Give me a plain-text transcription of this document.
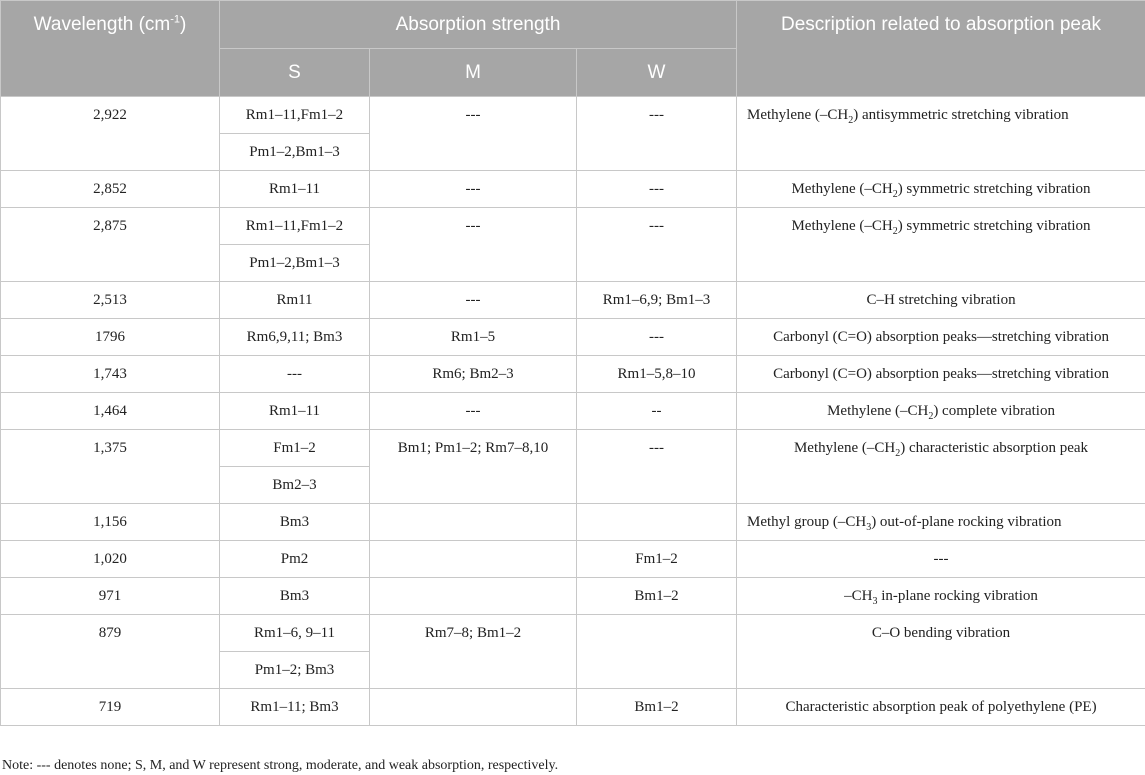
Wavelength $(cm^{-1})$	Absorption strength			Description related to absorption peak
	S	M	W	
2,922	Rm1–11,Fm1–2	---	---	Methylene $(-CH_2)$ antisymmetric stretching vibration
	Pm1–2,Bm1–3			
2,852	Rm1–11	---	---	Methylene $(-CH_2)$ symmetric stretching vibration
2,875	Rm1–11,Fm1–2	---	---	Methylene $(-CH_2)$ symmetric stretching vibration
	Pm1–2,Bm1–3			
2,513	Rm11	---	Rm1–6,9; Bm1–3	C–H stretching vibration
1796	Rm6,9,11; Bm3	Rm1–5	---	Carbonyl (C=O) absorption peaks—stretching vibration
1,743	---	Rm6; Bm2–3	Rm1–5,8–10	Carbonyl (C=O) absorption peaks—stretching vibration
1,464	Rm1–11	---	--	Methylene $(-CH_2)$ complete vibration
1,375	Fm1–2	Bm1; Pm1–2; Rm7–8,10	---	Methylene $(-CH_2)$ characteristic absorption peak
	Bm2–3			
1,156	Bm3			Methyl group $(-CH_3)$ out-of-plane rocking vibration
1,020	Pm2		Fm1–2	---
971	Bm3		Bm1–2	$-CH_3$ in-plane rocking vibration
879	Rm1–6, 9–11	Rm7–8; Bm1–2		C–O bending vibration
	Pm1–2; Bm3			
719	Rm1–11; Bm3		Bm1–2	Characteristic absorption peak of polyethylene (PE)
Note: --- denotes none; S, M, and W represent strong, moderate, and weak absorption, respectively.
